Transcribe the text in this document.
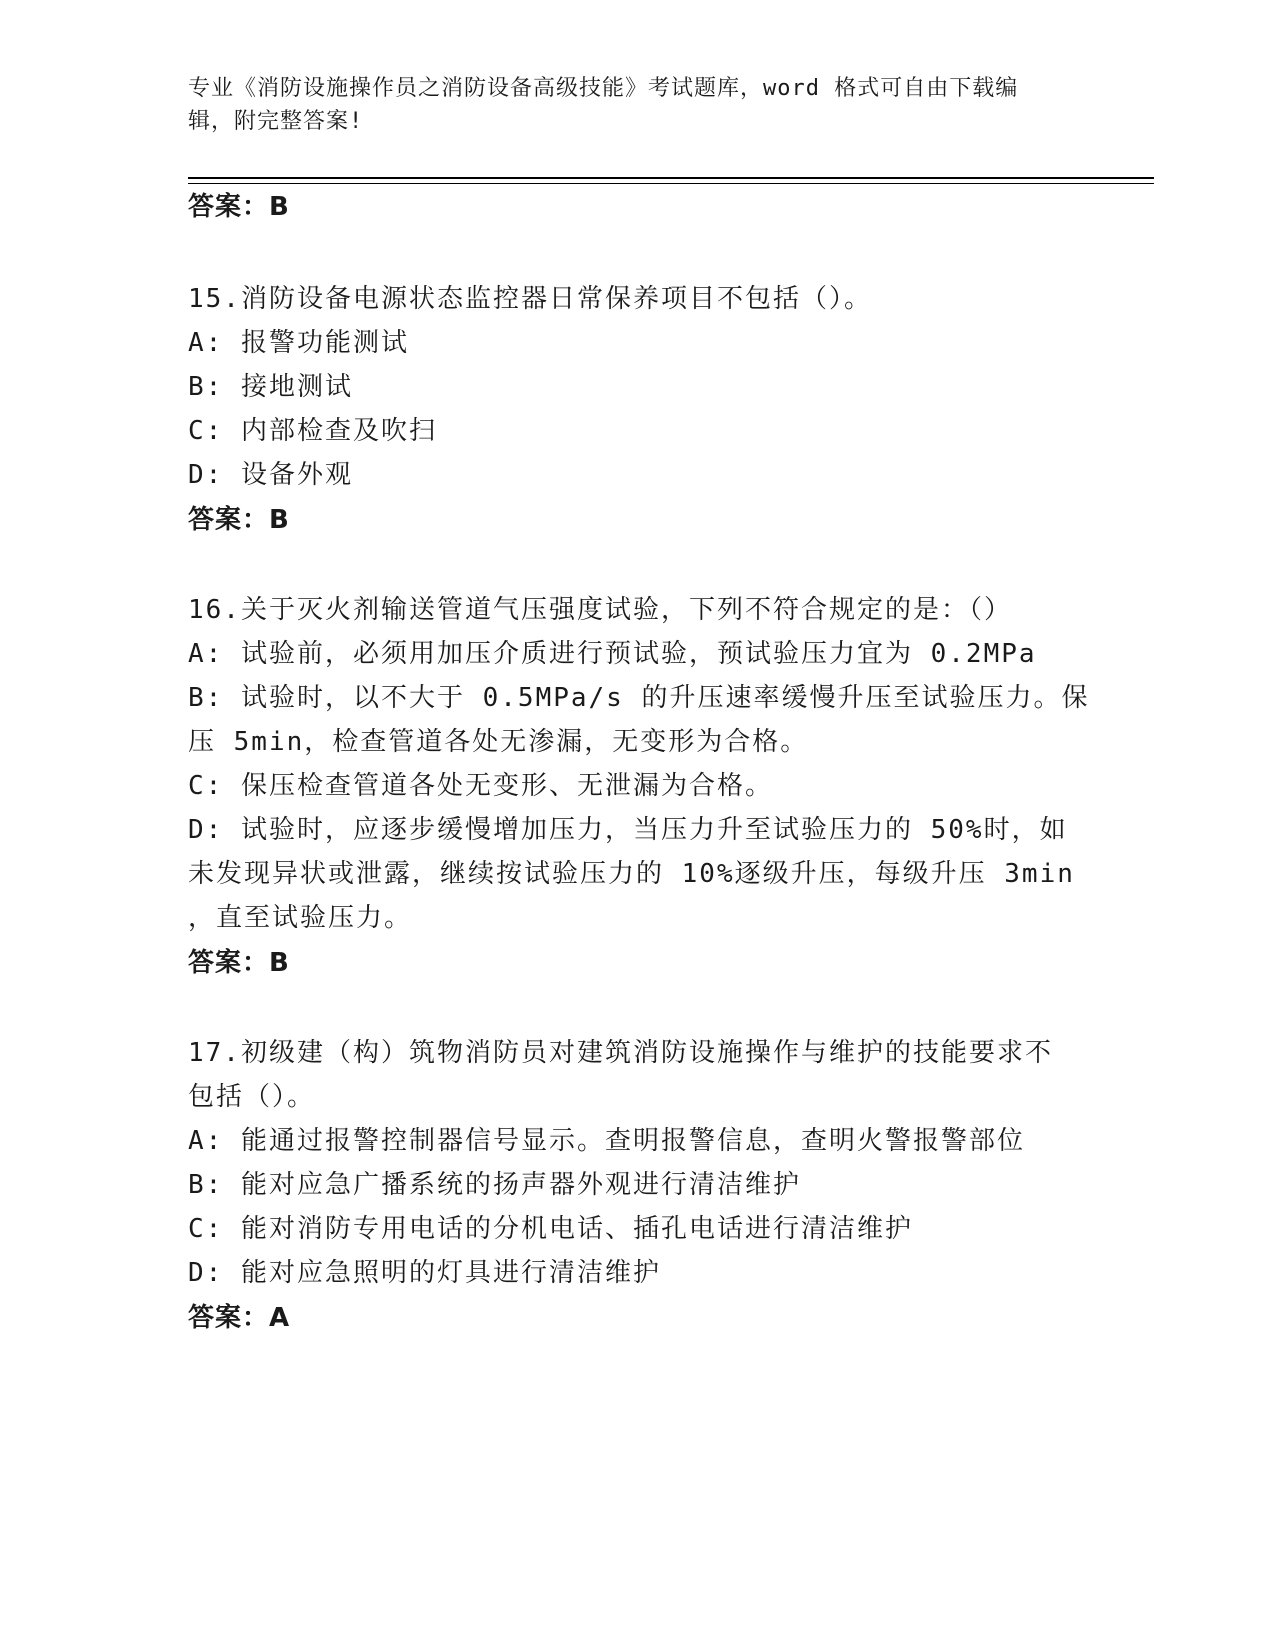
专业《消防设施操作员之消防设备高级技能》考试题库，word 格式可自由下载编
辑，附完整答案!
答案：B
15.消防设备电源状态监控器日常保养项目不包括（）。
A: 报警功能测试
B: 接地测试
C: 内部检查及吹扫
D: 设备外观
答案：B
16.关于灭火剂输送管道气压强度试验，下列不符合规定的是：（）
A: 试验前，必须用加压介质进行预试验，预试验压力宜为 0.2MPa
B: 试验时，以不大于 0.5MPa/s 的升压速率缓慢升压至试验压力。保
压 5min，检查管道各处无渗漏，无变形为合格。
C: 保压检查管道各处无变形、无泄漏为合格。
D: 试验时，应逐步缓慢增加压力，当压力升至试验压力的 50%时，如
未发现异状或泄露，继续按试验压力的 10%逐级升压，每级升压 3min
，直至试验压力。
答案：B
17.初级建（构）筑物消防员对建筑消防设施操作与维护的技能要求不
包括（）。
A: 能通过报警控制器信号显示。查明报警信息，查明火警报警部位
B: 能对应急广播系统的扬声器外观进行清洁维护
C: 能对消防专用电话的分机电话、插孔电话进行清洁维护
D: 能对应急照明的灯具进行清洁维护
答案：A
